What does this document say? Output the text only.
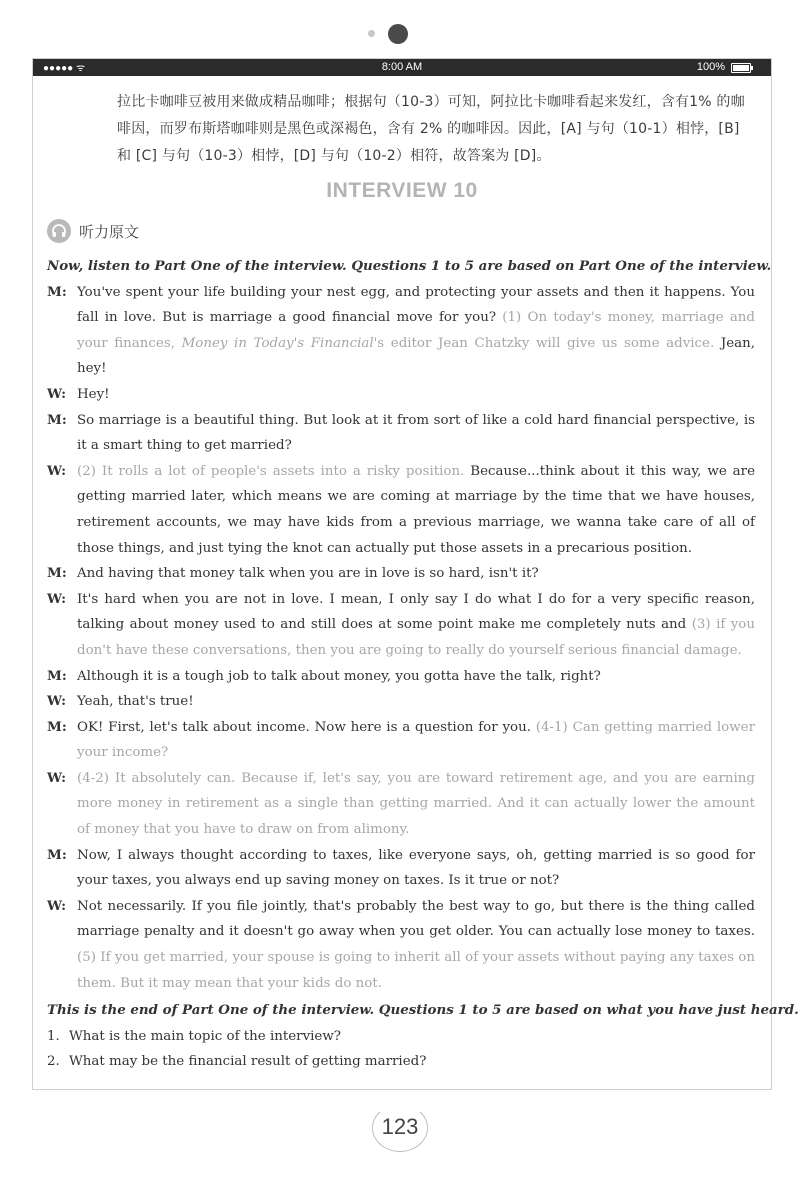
●●●●● ᯤ	8:00 AM	100%
拉比卡咖啡豆被用来做成精品咖啡；根据句（10-3）可知，阿拉比卡咖啡看起来发红，含有1% 的咖啡因，而罗布斯塔咖啡则是黑色或深褐色，含有 2% 的咖啡因。因此，[A] 与句（10-1）相悖，[B] 和 [C] 与句（10-3）相悖，[D] 与句（10-2）相符，故答案为 [D]。
INTERVIEW 10
听力原文
Now, listen to Part One of the interview. Questions 1 to 5 are based on Part One of the interview.
M: You've spent your life building your nest egg, and protecting your assets and then it happens. You fall in love. But is marriage a good financial move for you? (1) On today's money, marriage and your finances, Money in Today's Financial's editor Jean Chatzky will give us some advice. Jean, hey!
W: Hey!
M: So marriage is a beautiful thing. But look at it from sort of like a cold hard financial perspective, is it a smart thing to get married?
W: (2) It rolls a lot of people's assets into a risky position. Because...think about it this way, we are getting married later, which means we are coming at marriage by the time that we have houses, retirement accounts, we may have kids from a previous marriage, we wanna take care of all of those things, and just tying the knot can actually put those assets in a precarious position.
M: And having that money talk when you are in love is so hard, isn't it?
W: It's hard when you are not in love. I mean, I only say I do what I do for a very specific reason, talking about money used to and still does at some point make me completely nuts and (3) if you don't have these conversations, then you are going to really do yourself serious financial damage.
M: Although it is a tough job to talk about money, you gotta have the talk, right?
W: Yeah, that's true!
M: OK! First, let's talk about income. Now here is a question for you. (4-1) Can getting married lower your income?
W: (4-2) It absolutely can. Because if, let's say, you are toward retirement age, and you are earning more money in retirement as a single than getting married. And it can actually lower the amount of money that you have to draw on from alimony.
M: Now, I always thought according to taxes, like everyone says, oh, getting married is so good for your taxes, you always end up saving money on taxes. Is it true or not?
W: Not necessarily. If you file jointly, that's probably the best way to go, but there is the thing called marriage penalty and it doesn't go away when you get older. You can actually lose money to taxes. (5) If you get married, your spouse is going to inherit all of your assets without paying any taxes on them. But it may mean that your kids do not.
This is the end of Part One of the interview. Questions 1 to 5 are based on what you have just heard.
1. What is the main topic of the interview?
2. What may be the financial result of getting married?
123
